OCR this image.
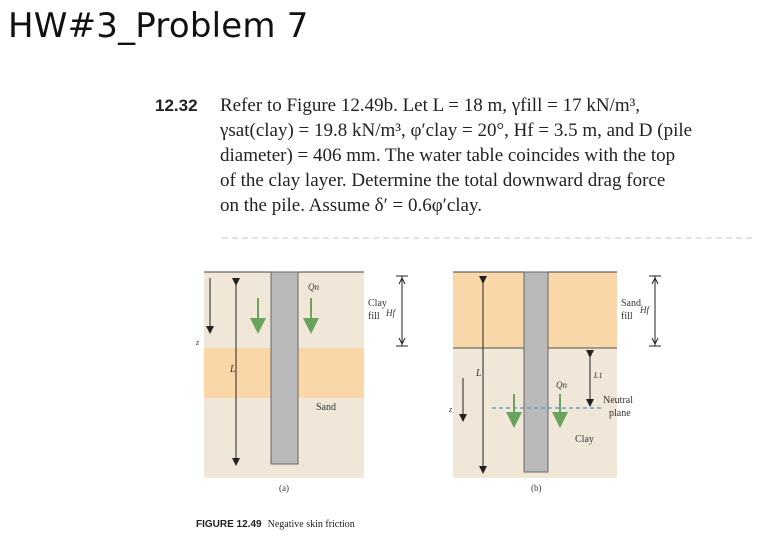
HW#3_Problem 7
12.32 Refer to Figure 12.49b. Let L = 18 m, γfill = 17 kN/m³,
γsat(clay) = 19.8 kN/m³, φ′clay = 20°, Hf = 3.5 m, and D (pile
diameter) = 406 mm. The water table coincides with the top
of the clay layer. Determine the total downward drag force
on the pile. Assume δ′ = 0.6φ′clay.
Qn
Clay
fill Hf
L
z
Sand
(a)
Sand
fill
Hf
L
z
Qn
L1
Neutral
plane
Clay
(b)
FIGURE 12.49 Negative skin friction
